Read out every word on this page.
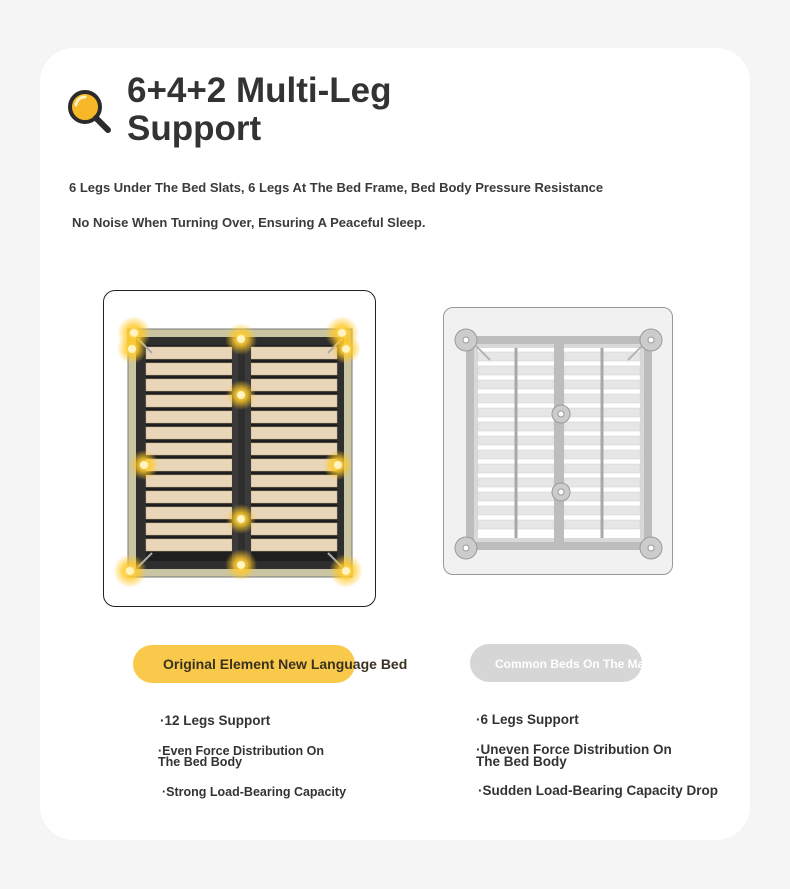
6+4+2 Multi-Leg
Support
6 Legs Under The Bed Slats, 6 Legs At The Bed Frame, Bed Body Pressure Resistance
No Noise When Turning Over, Ensuring A Peaceful Sleep.
Original Element New Language Bed	Common Beds On The Market
·12 Legs Support
·Even Force Distribution On
The Bed Body
·Strong Load-Bearing Capacity
·6 Legs Support
·Uneven Force Distribution On
The Bed Body
·Sudden Load-Bearing Capacity Drop
